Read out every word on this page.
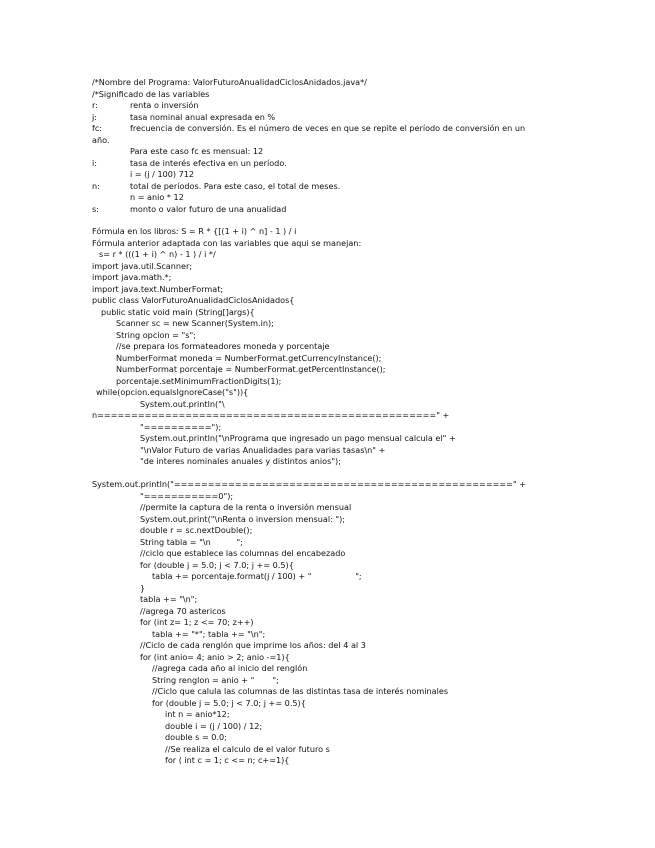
/*Nombre del Programa: ValorFuturoAnualidadCiclosAnidados.java*/
/*Significado de las variables
r:	renta o inversión
j:	tasa nominal anual expresada en %
fc:	frecuencia de conversión. Es el número de veces en que se repite el período de conversión en un
año.
Para este caso fc es mensual: 12
i:	tasa de interés efectiva en un período.
i = (j / 100) 712
n:	total de períodos. Para este caso, el total de meses.
n = anio * 12
s:	monto o valor futuro de una anualidad
Fórmula en los libros: S = R * {[(1 + i) ^ n] - 1 ) / i
Fórmula anterior adaptada con las variables que aqui se manejan:
s= r * (((1 + i) ^ n) - 1 ) / i */
import java.util.Scanner;
import java.math.*;
import java.text.NumberFormat;
public class ValorFuturoAnualidadCiclosAnidados{
public static void main (String[]args){
Scanner sc = new Scanner(System.in);
String opcion = "s";
//se prepara los formateadores moneda y porcentaje
NumberFormat moneda = NumberFormat.getCurrencyInstance();
NumberFormat porcentaje = NumberFormat.getPercentInstance();
porcentaje.setMinimumFractionDigits(1);
while(opcion.equalsIgnoreCase("s")){
System.out.println("\
n==================================================" +
"==========");
System.out.println("\nPrograma que ingresado un pago mensual calcula el" +
"\nValor Futuro de varias Anualidades para varias tasas\n" +
"de interes nominales anuales y distintos anios");
System.out.println("==================================================" +
"===========0");
//permite la captura de la renta o inversión mensual
System.out.print("\nRenta o inversion mensual: ");
double r = sc.nextDouble();
String tabla = "\n          ";
//ciclo que establece las columnas del encabezado
for (double j = 5.0; j < 7.0; j += 0.5){
tabla += porcentaje.format(j / 100) + "                 ";
}
tabla += "\n";
//agrega 70 astericos
for (int z= 1; z <= 70; z++)
tabla += "*"; tabla += "\n";
//Ciclo de cada renglón que imprime los años: del 4 al 3
for (int anio= 4; anio > 2; anio -=1){
//agrega cada año al inicio del renglón
String renglon = anio + "       ";
//Ciclo que calula las columnas de las distintas tasa de interés nominales
for (double j = 5.0; j < 7.0; j += 0.5){
int n = anio*12;
double i = (j / 100) / 12;
double s = 0.0;
//Se realiza el calculo de el valor futuro s
for ( int c = 1; c <= n; c+=1){
